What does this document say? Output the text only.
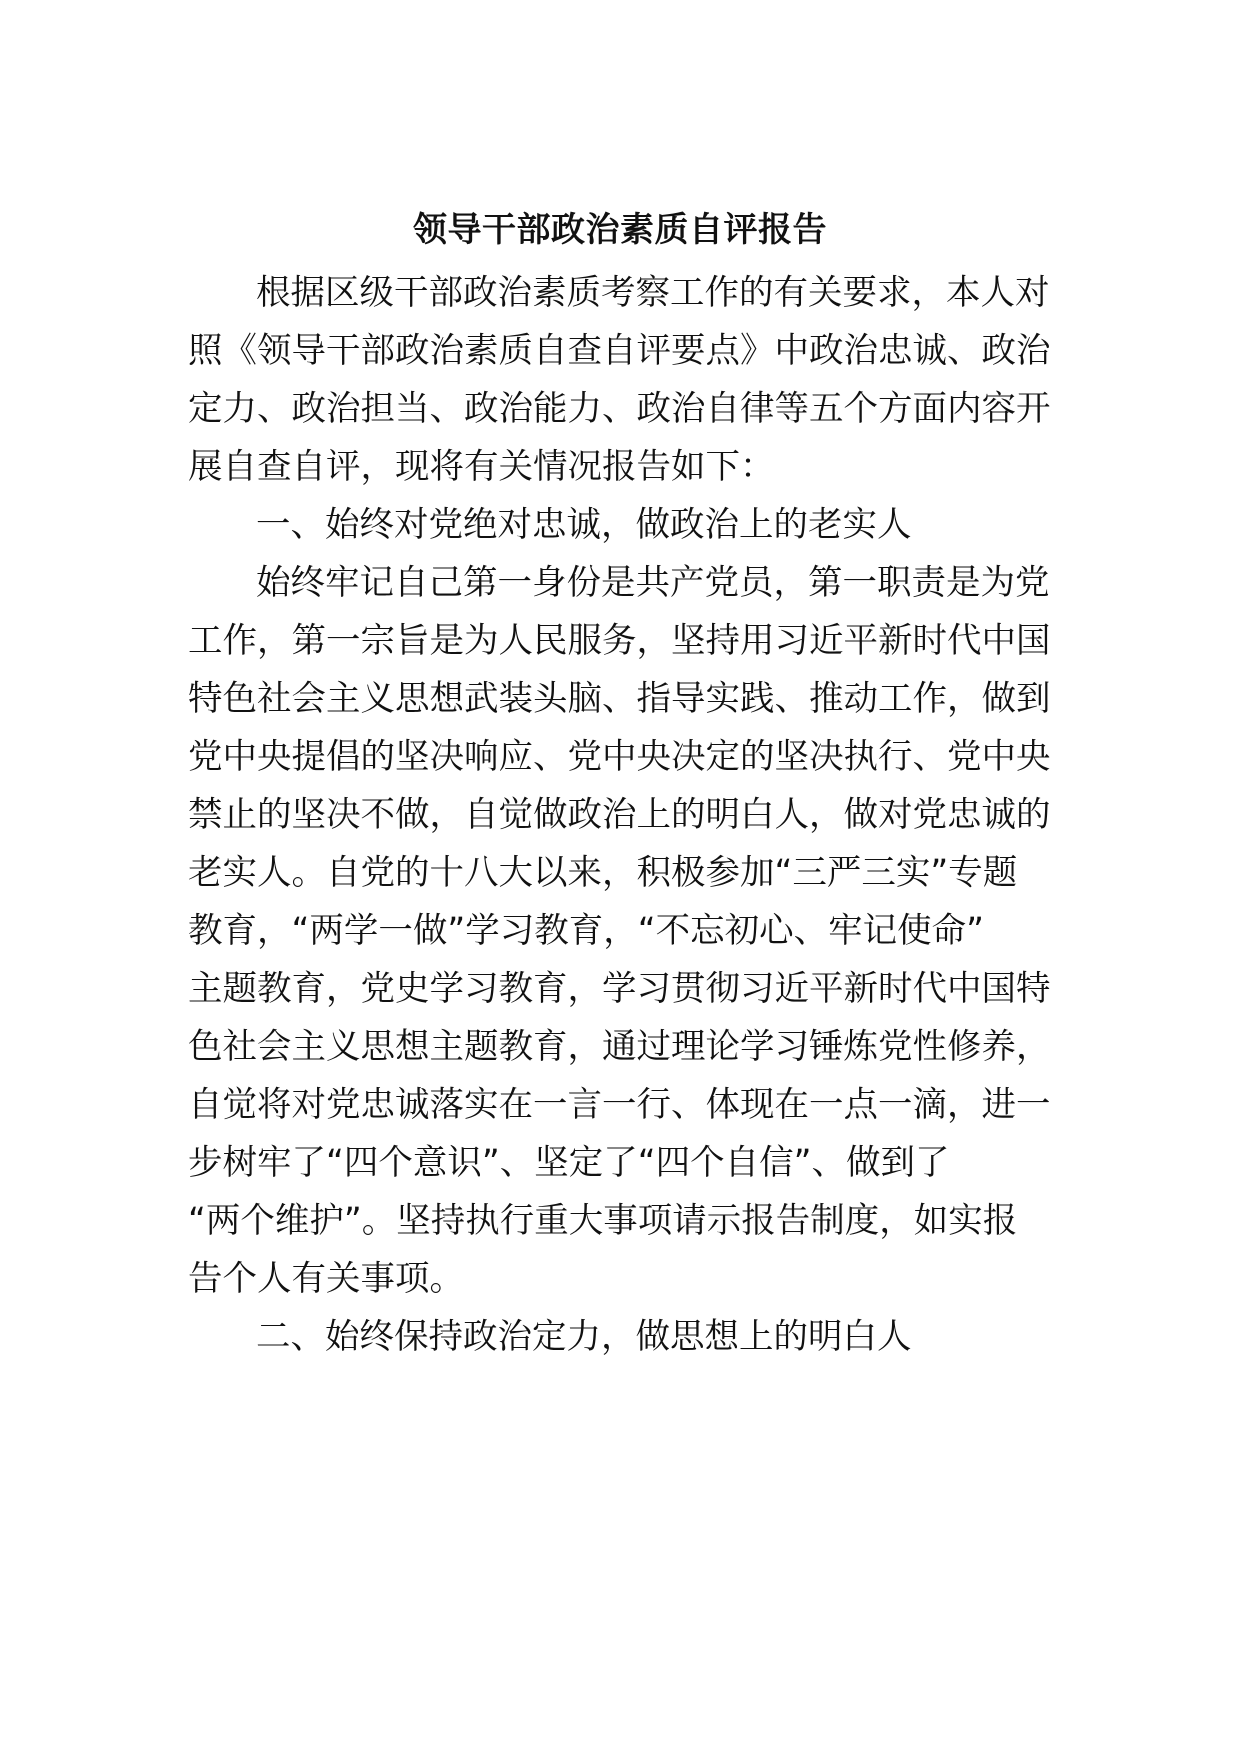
领导干部政治素质自评报告
根据区级干部政治素质考察工作的有关要求，本人对
照《领导干部政治素质自查自评要点》中政治忠诚、政治
定力、政治担当、政治能力、政治自律等五个方面内容开
展自查自评，现将有关情况报告如下：
一、始终对党绝对忠诚，做政治上的老实人
始终牢记自己第一身份是共产党员，第一职责是为党
工作，第一宗旨是为人民服务，坚持用习近平新时代中国
特色社会主义思想武装头脑、指导实践、推动工作，做到
党中央提倡的坚决响应、党中央决定的坚决执行、党中央
禁止的坚决不做，自觉做政治上的明白人，做对党忠诚的
老实人。自党的十八大以来，积极参加“三严三实”专题
教育，“两学一做”学习教育，“不忘初心、牢记使命”
主题教育，党史学习教育，学习贯彻习近平新时代中国特
色社会主义思想主题教育，通过理论学习锤炼党性修养，
自觉将对党忠诚落实在一言一行、体现在一点一滴，进一
步树牢了“四个意识”、坚定了“四个自信”、做到了
“两个维护”。坚持执行重大事项请示报告制度，如实报
告个人有关事项。
二、始终保持政治定力，做思想上的明白人
